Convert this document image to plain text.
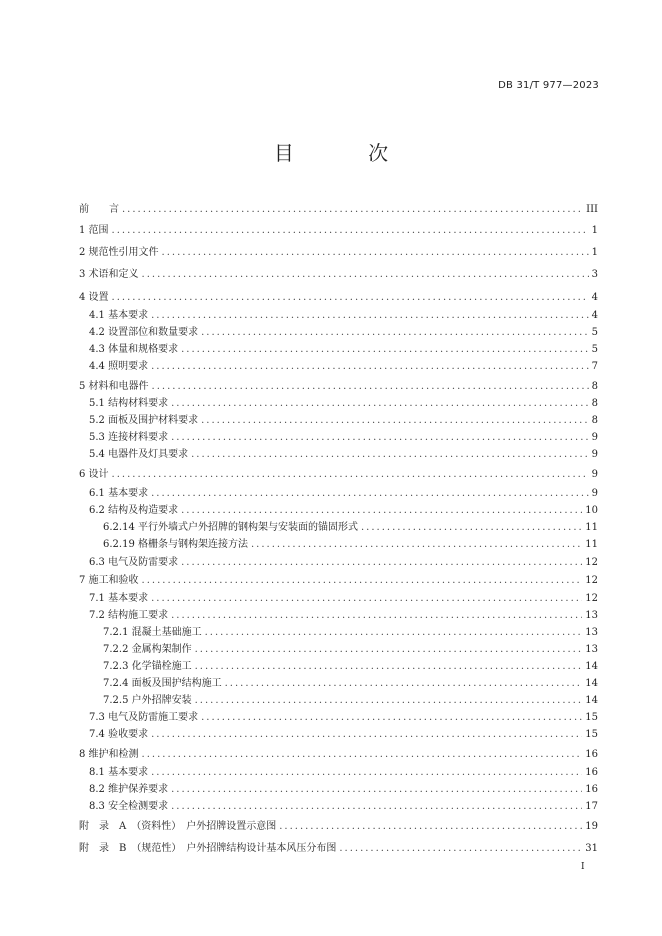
DB 31/T 977—2023
目 次
前　　言 .....	III
1 范围 .....	1
2 规范性引用文件 .....	1
3 术语和定义 .....	3
4 设置 .....	4
4.1 基本要求 .....	4
4.2 设置部位和数量要求 .....	5
4.3 体量和规格要求 .....	5
4.4 照明要求 .....	7
5 材料和电器件 .....	8
5.1 结构材料要求 .....	8
5.2 面板及围护材料要求 .....	8
5.3 连接材料要求 .....	9
5.4 电器件及灯具要求 .....	9
6 设计 .....	9
6.1 基本要求 .....	9
6.2 结构及构造要求 .....	10
6.2.14 平行外墙式户外招牌的钢构架与安装面的锚固形式 .....	11
6.2.19 格栅条与钢构架连接方法 .....	11
6.3 电气及防雷要求 .....	12
7 施工和验收 .....	12
7.1 基本要求 .....	12
7.2 结构施工要求 .....	13
7.2.1 混凝土基础施工 .....	13
7.2.2 金属构架制作 .....	13
7.2.3 化学锚栓施工 .....	14
7.2.4 面板及围护结构施工 .....	14
7.2.5 户外招牌安装 .....	14
7.3 电气及防雷施工要求 .....	15
7.4 验收要求 .....	15
8 维护和检测 .....	16
8.1 基本要求 .....	16
8.2 维护保养要求 .....	16
8.3 安全检测要求 .....	17
附　录　A　（资料性）　户外招牌设置示意图 .....	19
附　录　B　（规范性）　户外招牌结构设计基本风压分布图 .....	31
I
